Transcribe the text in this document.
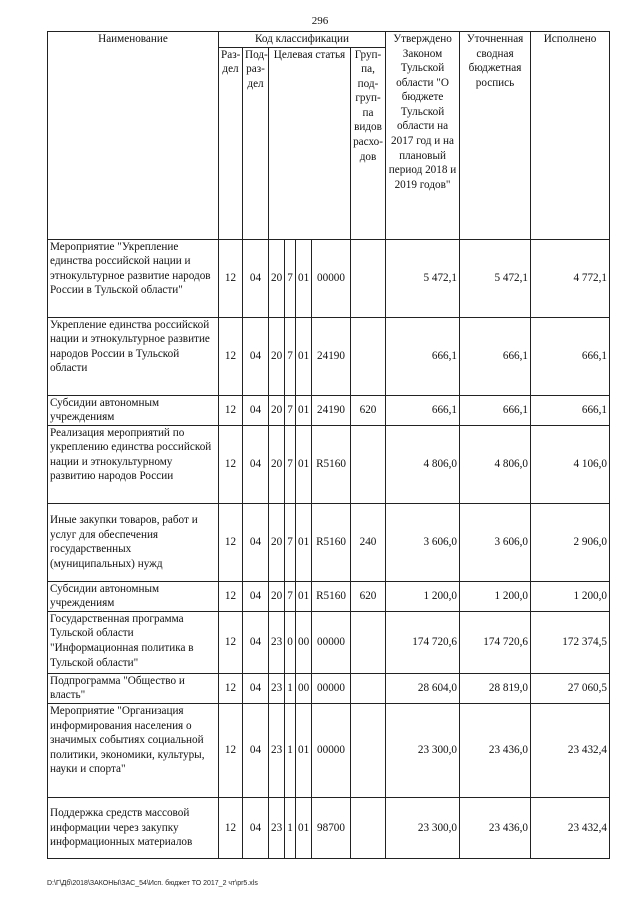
296
Наименование	Код классификации							Утверждено Законом Тульской области "О бюджете Тульской области на 2017 год и на плановый период 2018 и 2019 годов"	Уточненная сводная бюджетная роспись	Исполнено
	Раз-дел	Под-раз-дел	Целевая статья				Груп-па, под-груп-па видов расхо-дов			
Мероприятие "Укрепление единства российской нации и этнокультурное развитие народов России в Тульской области"	12	04	20	7	01	00000		5 472,1	5 472,1	4 772,1
Укрепление единства российской нации и этнокультурное развитие народов России в Тульской области	12	04	20	7	01	24190		666,1	666,1	666,1
Субсидии автономным учреждениям	12	04	20	7	01	24190	620	666,1	666,1	666,1
Реализация мероприятий по укреплению единства российской нации и этнокультурному развитию народов России	12	04	20	7	01	R5160		4 806,0	4 806,0	4 106,0
Иные закупки товаров, работ и услуг для обеспечения государственных (муниципальных) нужд	12	04	20	7	01	R5160	240	3 606,0	3 606,0	2 906,0
Субсидии автономным учреждениям	12	04	20	7	01	R5160	620	1 200,0	1 200,0	1 200,0
Государственная программа Тульской области "Информационная политика в Тульской области"	12	04	23	0	00	00000		174 720,6	174 720,6	172 374,5
Подпрограмма "Общество и власть"	12	04	23	1	00	00000		28 604,0	28 819,0	27 060,5
Мероприятие "Организация информирования населения о значимых событиях социальной политики, экономики, культуры, науки и спорта"	12	04	23	1	01	00000		23 300,0	23 436,0	23 432,4
Поддержка средств массовой информации через закупку информационных материалов	12	04	23	1	01	98700		23 300,0	23 436,0	23 432,4
D:\Г\Дб\2018\ЗАКОНЫ\ЗАС_54\Исп. бюджет ТО 2017_2 чт\pr5.xls
